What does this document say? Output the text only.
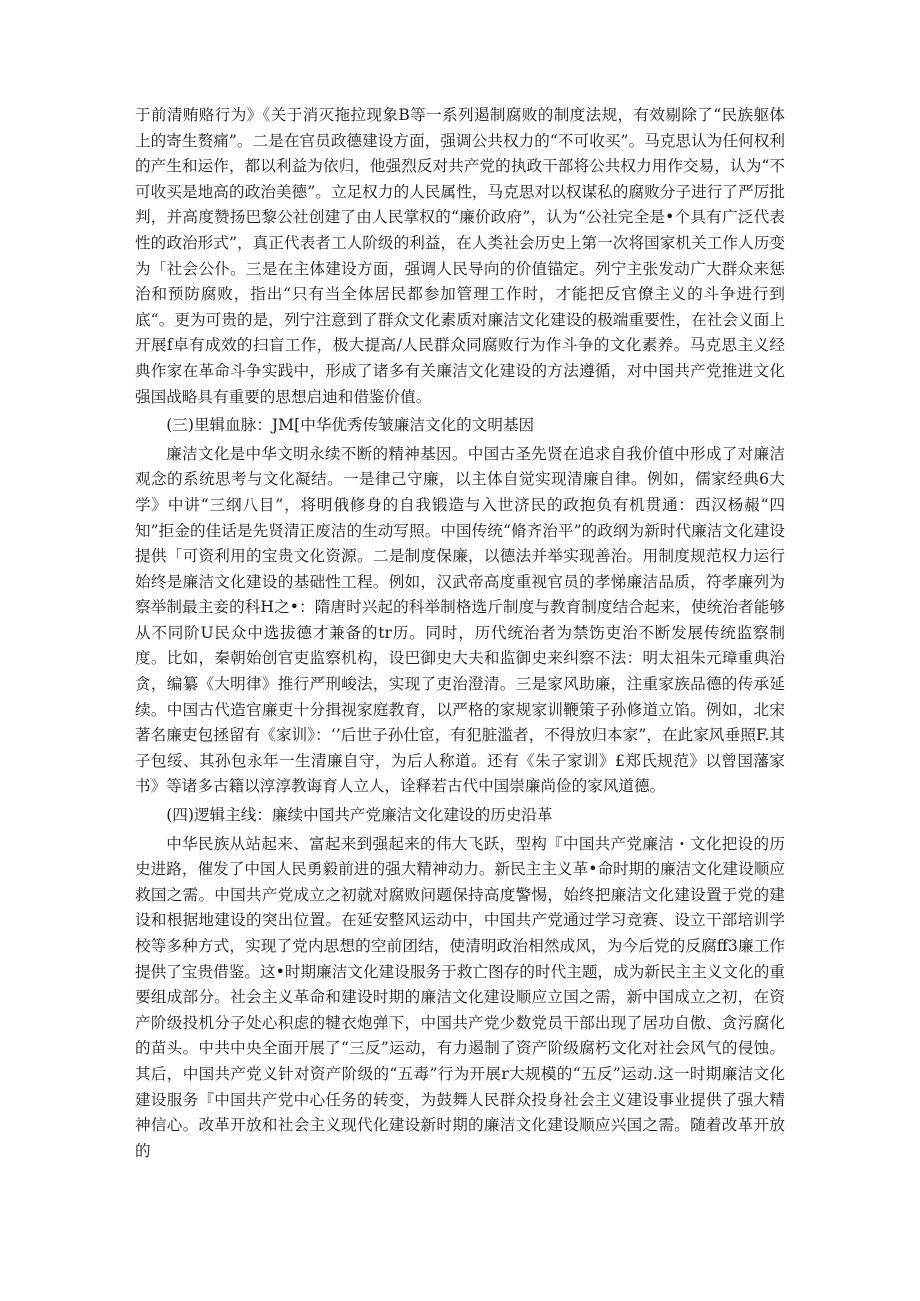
于前清贿赂行为》《关于消灭拖拉现象B等一系列遏制腐败的制度法规，有效剔除了“民族躯体上的寄生赘痛”。二是在官员政德建设方面，强调公共权力的“不可收买”。马克思认为任何权利的产生和运作，都以利益为依归，他强烈反对共产党的执政干部将公共权力用作交易，认为“不可收买是地高的政治美德”。立足权力的人民属性，马克思对以权谋私的腐败分子进行了严厉批判，并高度赞扬巴黎公社创建了由人民掌权的“廉价政府”，认为“公社完全是•个具有广泛代表性的政治形式”，真正代表者工人阶级的利益，在人类社会历史上第一次将国家机关工作人历变为「社会公仆。三是在主体建设方面，强调人民导向的价值锚定。列宁主张发动广大群众来惩治和预防腐败，指出“只有当全体居民都参加管理工作时，才能把反官僚主义的斗争进行到底“。更为可贵的是，列宁注意到了群众文化素质对廉洁文化建设的极端重要性，在社会义面上开展f卓有成效的扫盲工作，极大提高/人民群众同腐败行为作斗争的文化素养。马克思主义经典作家在革命斗争实践中，形成了诸多有关廉洁文化建设的方法遵循，对中国共产党推进文化强国战略具有重要的思想启迪和借鉴价值。

(三)里辑血脉：JM[中华优秀传皱廉洁文化的文明基因

廉洁文化是中华文明永续不断的精神基因。中国古圣先贤在追求自我价值中形成了对廉洁观念的系统思考与文化凝结。一是律己守廉，以主体自觉实现清廉自律。例如，儒家经典6大学》中讲“三纲八目”，将明俄修身的自我锻造与入世济民的政抱负有机贯通：西汉杨赧“四知”拒金的佳话是先贤清正废洁的生动写照。中国传统“脩齐治平”的政纲为新时代廉洁文化建设提供「可资利用的宝贵文化资源。二是制度保廉，以德法并举实现善治。用制度规范权力运行始终是廉洁文化建设的基础性工程。例如，汉武帝高度重视官员的孝悌廉洁品质，符孝廉列为察举制最主妾的科H之•：隋唐时兴起的科举制格选斤制度与教育制度结合起来，使统治者能够从不同阶U民众中选拔德才兼备的tr历。同时，历代统治者为禁饬吏治不断发展传统监察制度。比如，秦朝始创官吏监察机构，设巴御史大夫和监御史来纠察不法：明太祖朱元璋重典治贪，编纂《大明律》推行严刑峻法，实现了吏治澄清。三是家风助廉，注重家族品德的传承延续。中国古代造官廉吏十分揖视家庭教育，以严格的家规家训鞭策子孙修道立馅。例如，北宋著名廉吏包拯留有《家训》：‘’后世子孙仕宦，有犯脏滥者，不得放归本家”，在此家风垂照F.其子包绥、其孙包永年一生清廉自守，为后人称道。还有《朱子家训》£郑氏规范》以曾国藩家书》等诸多古籍以淳淳教诲育人立人，诠释若古代中国崇廉尚俭的家风道德。

(四)逻辑主线：廉续中国共产党廉洁文化建设的历史沿革

中华民族从站起来、富起来到强起来的伟大飞跃，型构『中国共产党廉洁・文化把设的历史进路，催发了中国人民勇毅前进的强大精神动力。新民主主义革•命时期的廉洁文化建设顺应救国之需。中国共产党成立之初就对腐败问题保持高度警惕，始终把廉洁文化建设置于党的建设和根据地建设的突出位置。在延安整风运动中，中国共产党通过学习竞赛、设立干部培训学校等多种方式，实现了党内思想的空前团结，使清明政治相然成风，为今后党的反腐ff3廉工作提供了宝贵借鉴。这•时期廉洁文化建设服务于救亡图存的时代主题，成为新民主主义文化的重要组成部分。社会主义革命和建设时期的廉洁文化建设顺应立国之需，新中国成立之初，在资产阶级投机分子处心积虑的犍衣炮弹下，中国共产党少数党员干部出现了居功自傲、贪污腐化的苗头。中共中央全面开展了“三反”运动，有力遏制了资产阶级腐朽文化对社会风气的侵蚀。其后，中国共产党义针对资产阶级的“五毒”行为开展r大规模的“五反”运动.这一时期廉洁文化建设服务『中国共产党中心任务的转变，为鼓舞人民群众投身社会主义建设事业提供了强大精神信心。改革开放和社会主义现代化建设新时期的廉洁文化建设顺应兴国之需。随着改革开放的
